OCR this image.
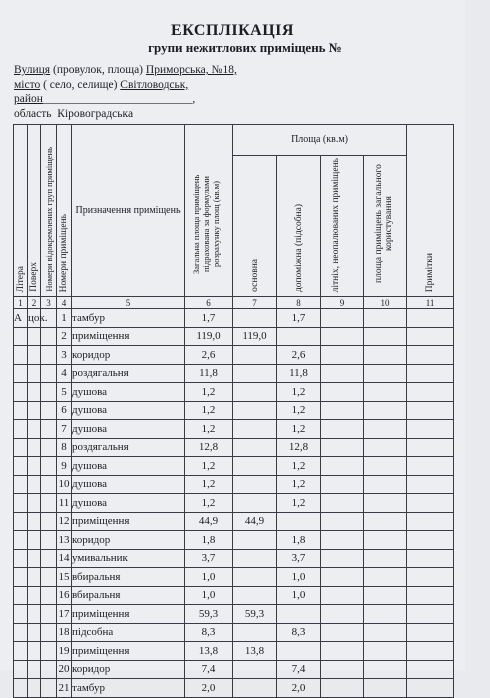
ЕКСПЛІКАЦІЯ
групи нежитлових приміщень №
Вулиця (провулок, площа) Приморська, №18,
місто ( село, селище) Світловодськ,
район__________________________,
область Кіровоградська
Літера	Поверх	Номери відокремлених груп приміщень	Номери приміщень	Призначення приміщень	Загальна площа приміщень підрахована за формулами розрахунку площ (кв.м)	Площа (кв.м)				Примітки

						основна	допоміжна (підсобна)	літніх, неопалюваних приміщень	площа приміщень загального користування	

1	2	3	4	5	6	7	8	9	10	11
А	цок.		1	тамбур	1,7		1,7			
			2	приміщення	119,0	119,0				
			3	коридор	2,6		2,6			
			4	роздягальня	11,8		11,8			
			5	душова	1,2		1,2			
			6	душова	1,2		1,2			
			7	душова	1,2		1,2			
			8	роздягальня	12,8		12,8			
			9	душова	1,2		1,2			
			10	душова	1,2		1,2			
			11	душова	1,2		1,2			
			12	приміщення	44,9	44,9				
			13	коридор	1,8		1,8			
			14	умивальник	3,7		3,7			
			15	вбиральня	1,0		1,0			
			16	вбиральня	1,0		1,0			
			17	приміщення	59,3	59,3				
			18	підсобна	8,3		8,3			
			19	приміщення	13,8	13,8				
			20	коридор	7,4		7,4			
			21	тамбур	2,0		2,0			
